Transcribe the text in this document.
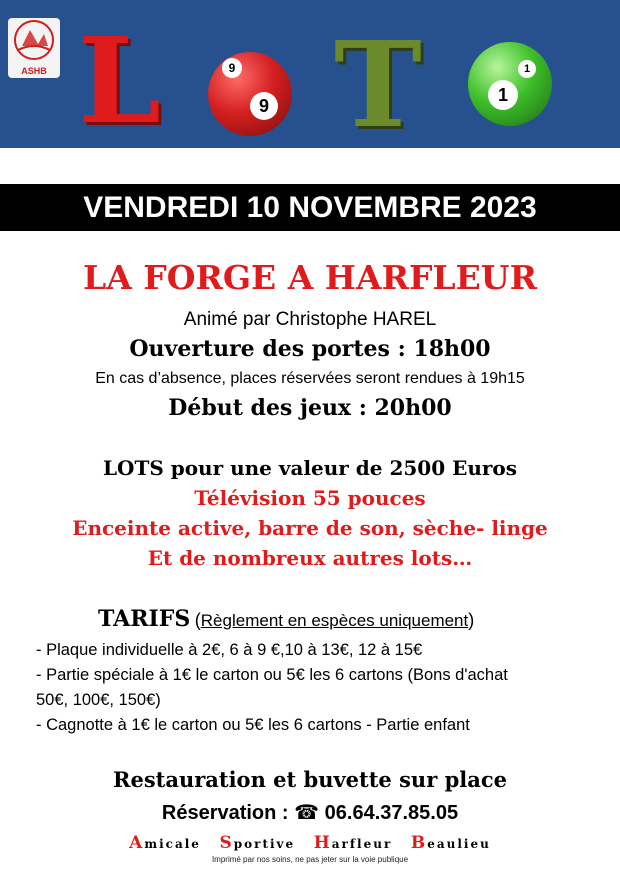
ASHB L	9
9 T	1
1
VENDREDI 10 NOVEMBRE 2023
LA FORGE A HARFLEUR
Animé par Christophe HAREL
Ouverture des portes : 18h00
En cas d’absence, places réservées seront rendues à 19h15
Début des jeux : 20h00
LOTS pour une valeur de 2500 Euros
Télévision 55 pouces
Enceinte active, barre de son, sèche- linge
Et de nombreux autres lots…
TARIFS (Règlement en espèces uniquement)
- Plaque individuelle à 2€, 6 à 9 €,10 à 13€, 12 à 15€
- Partie spéciale à 1€ le carton ou 5€ les 6 cartons (Bons d'achat
50€, 100€, 150€)
- Cagnotte à 1€ le carton ou 5€ les 6 cartons - Partie enfant
Restauration et buvette sur place
Réservation : ☎ 06.64.37.85.05
Amicale Sportive Harfleur Beaulieu
Imprimé par nos soins, ne pas jeter sur la voie publique
